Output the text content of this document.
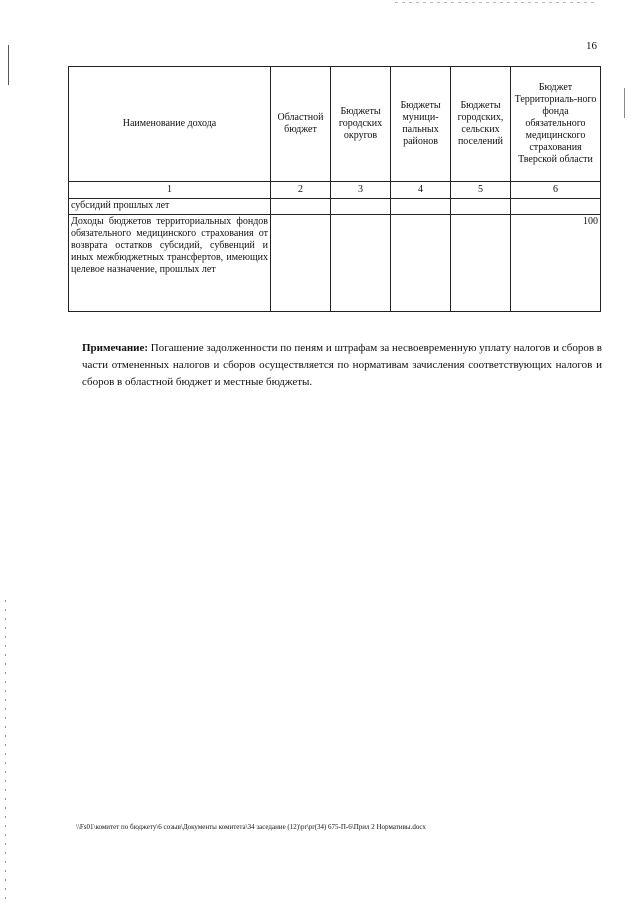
16
Наименование дохода	Областной бюджет	Бюджеты городских округов	Бюджеты муници-пальных районов	Бюджеты городских, сельских поселений	Бюджет Территориаль-ного фонда обязательного медицинского страхования Тверской области
1	2	3	4	5	6
субсидий прошлых лет					
Доходы бюджетов территориальных фондов обязательного медицинского страхования от возврата остатков субсидий, субвенций и иных межбюджетных трансфертов, имеющих целевое назначение, прошлых лет					100
Примечание: Погашение задолженности по пеням и штрафам за несвоевременную уплату налогов и сборов в части отмененных налогов и сборов осуществляется по нормативам зачисления соответствующих налогов и сборов в областной бюджет и местные бюджеты.
\\Fs01\комитет по бюджету\6 созыв\Документы комитета\34 заседание (12)\pr\pr(34) 675-П-6\Прил 2 Нормативы.docx
